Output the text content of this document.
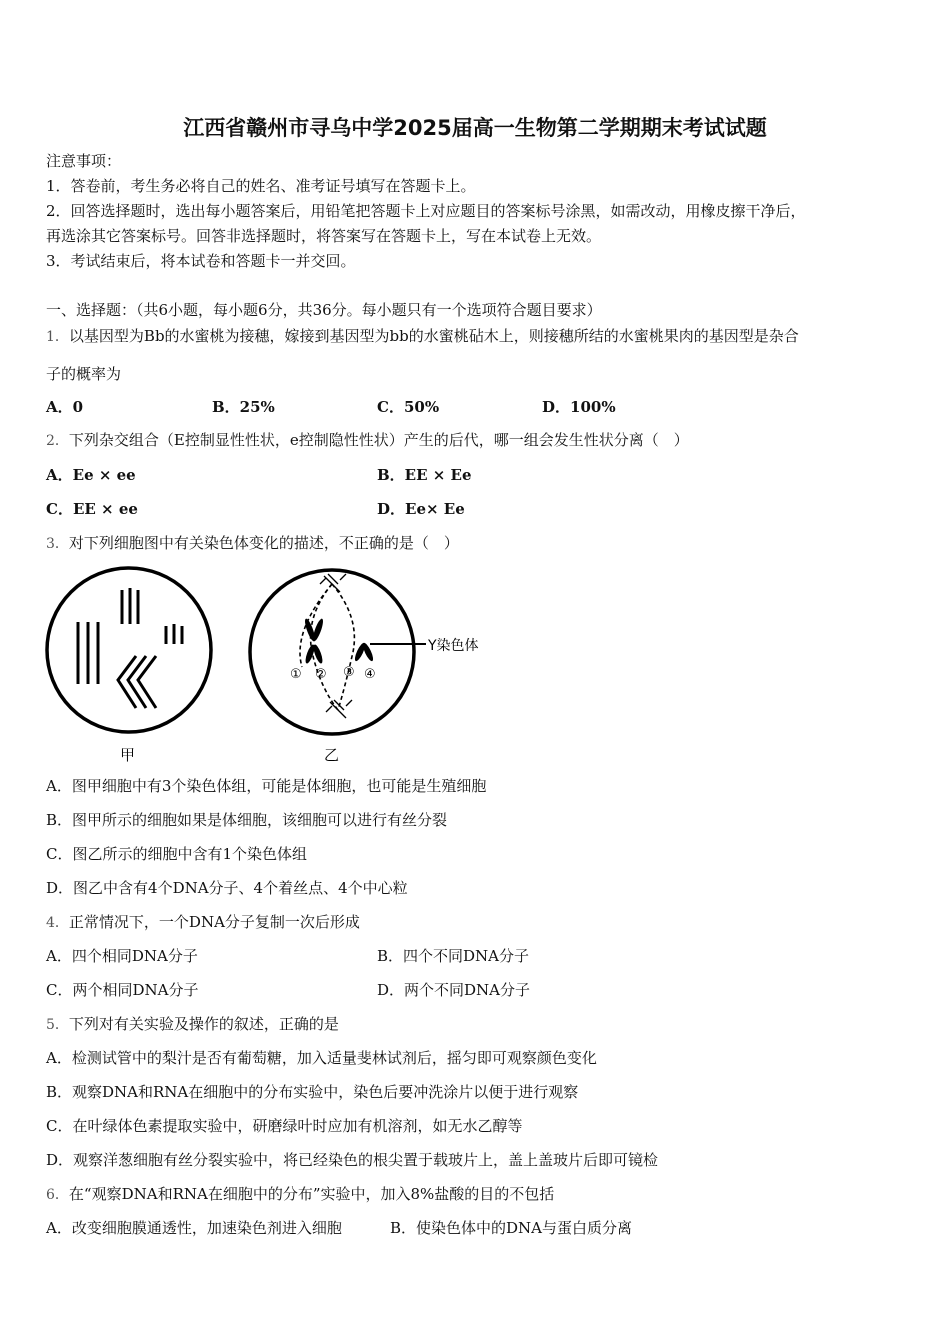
江西省赣州市寻乌中学2025届高一生物第二学期期末考试试题
注意事项：
1．答卷前，考生务必将自己的姓名、准考证号填写在答题卡上。
2．回答选择题时，选出每小题答案后，用铅笔把答题卡上对应题目的答案标号涂黑，如需改动，用橡皮擦干净后，
再选涂其它答案标号。回答非选择题时，将答案写在答题卡上，写在本试卷上无效。
3．考试结束后，将本试卷和答题卡一并交回。
一、选择题：（共6小题，每小题6分，共36分。每小题只有一个选项符合题目要求）
1．以基因型为Bb的水蜜桃为接穗，嫁接到基因型为bb的水蜜桃砧木上，则接穗所结的水蜜桃果肉的基因型是杂合
子的概率为
A．0	B．25%	C．50%	D．100%
2．下列杂交组合（E控制显性性状，e控制隐性性状）产生的后代，哪一组会发生性状分离（　）
A．Ee × ee	B．EE × Ee
C．EE × ee	D．Ee× Ee
3．对下列细胞图中有关染色体变化的描述，不正确的是（　）
Y染色体
① ② ③ ④
甲	乙
A．图甲细胞中有3个染色体组，可能是体细胞，也可能是生殖细胞
B．图甲所示的细胞如果是体细胞，该细胞可以进行有丝分裂
C．图乙所示的细胞中含有1个染色体组
D．图乙中含有4个DNA分子、4个着丝点、4个中心粒
4．正常情况下，一个DNA分子复制一次后形成
A．四个相同DNA分子	B．四个不同DNA分子
C．两个相同DNA分子	D．两个不同DNA分子
5．下列对有关实验及操作的叙述，正确的是
A．检测试管中的梨汁是否有葡萄糖，加入适量斐林试剂后，摇匀即可观察颜色变化
B．观察DNA和RNA在细胞中的分布实验中，染色后要冲洗涂片以便于进行观察
C．在叶绿体色素提取实验中，研磨绿叶时应加有机溶剂，如无水乙醇等
D．观察洋葱细胞有丝分裂实验中，将已经染色的根尖置于载玻片上，盖上盖玻片后即可镜检
6．在“观察DNA和RNA在细胞中的分布”实验中，加入8%盐酸的目的不包括
A．改变细胞膜通透性，加速染色剂进入细胞	B．使染色体中的DNA与蛋白质分离
